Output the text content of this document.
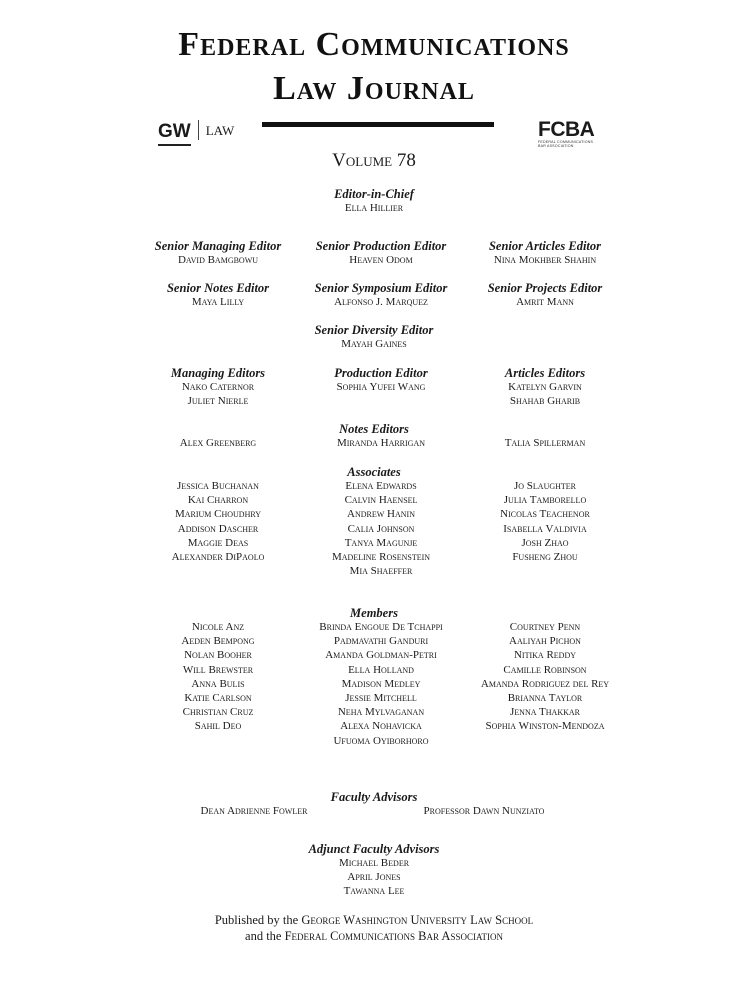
Federal Communications
Law Journal
GW LAW	FCBA
FEDERAL COMMUNICATIONS BAR ASSOCIATION
Volume 78
Editor-in-Chief
Ella Hillier
Senior Managing Editor
David Bamgbowu
Senior Production Editor
Heaven Odom
Senior Articles Editor
Nina Mokhber Shahin
Senior Notes Editor
Maya Lilly
Senior Symposium Editor
Alfonso J. Marquez
Senior Projects Editor
Amrit Mann
Senior Diversity Editor
Mayah Gaines
Managing Editors
Nako Caternor
Juliet Nierle
Production Editor
Sophia Yufei Wang
Articles Editors
Katelyn Garvin
Shahab Gharib
Notes Editors
Alex Greenberg	Miranda Harrigan	Talia Spillerman
Associates
Jessica Buchanan
Kai Charron
Marium Choudhry
Addison Dascher
Maggie Deas
Alexander DiPaolo
Elena Edwards
Calvin Haensel
Andrew Hanin
Calia Johnson
Tanya Magunje
Madeline Rosenstein
Mia Shaeffer
Jo Slaughter
Julia Tamborello
Nicolas Teachenor
Isabella Valdivia
Josh Zhao
Fusheng Zhou
Members
Nicole Anz
Aeden Bempong
Nolan Booher
Will Brewster
Anna Bulis
Katie Carlson
Christian Cruz
Sahil Deo
Brinda Engoue De Tchappi
Padmavathi Ganduri
Amanda Goldman-Petri
Ella Holland
Madison Medley
Jessie Mitchell
Neha Mylvaganan
Alexa Nohavicka
Ufuoma Oyiborhoro
Courtney Penn
Aaliyah Pichon
Nitika Reddy
Camille Robinson
Amanda Rodriguez del Rey
Brianna Taylor
Jenna Thakkar
Sophia Winston-Mendoza
Faculty Advisors
Dean Adrienne Fowler	Professor Dawn Nunziato
Adjunct Faculty Advisors
Michael Beder
April Jones
Tawanna Lee
Published by the George Washington University Law School
and the Federal Communications Bar Association
